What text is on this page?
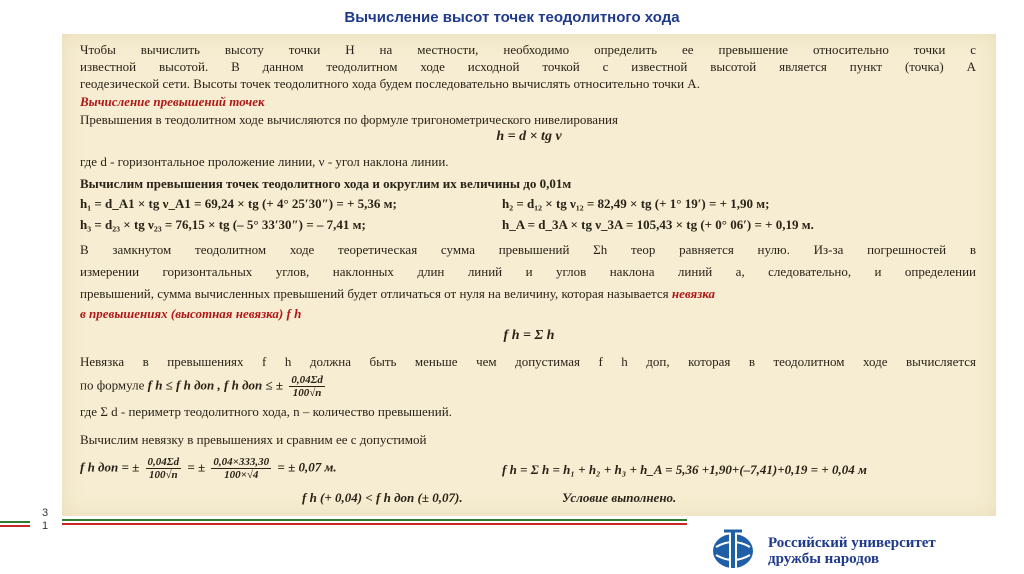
Вычисление высот точек теодолитного хода
Чтобы вычислить высоту точки H на местности, необходимо определить ее превышение относительно точки с
известной высотой. В данном теодолитном ходе исходной точкой с известной высотой является пункт (точка) A
геодезической сети. Высоты точек теодолитного хода будем последовательно вычислять относительно точки A.
Вычисление превышений точек
Превышения в теодолитном ходе вычисляются по формуле тригонометрического нивелирования
h = d × tg ν
где d - горизонтальное проложение линии, ν - угол наклона линии.
Вычислим превышения точек теодолитного хода и округлим их величины до 0,01м
h₁ = d_A1 × tg ν_A1 = 69,24 × tg (+ 4° 25′30″) = + 5,36 м;	h₂ = d₁₂ × tg ν₁₂ = 82,49 × tg (+ 1° 19′) = + 1,90 м;
h₃ = d₂₃ × tg ν₂₃ = 76,15 × tg (– 5° 33′30″) = – 7,41 м;	h_A = d_3A × tg ν_3A = 105,43 × tg (+ 0° 06′) = + 0,19 м.
В замкнутом теодолитном ходе теоретическая сумма превышений Σh теор равняется нулю. Из-за погрешностей в
измерении горизонтальных углов, наклонных длин линий и углов наклона линий а, следовательно, и определении
превышений, сумма вычисленных превышений будет отличаться от нуля на величину, которая называется невязка
в превышениях (высотная невязка) f h
f h = Σ h
Невязка в превышениях f h должна быть меньше чем допустимая f h доп, которая в теодолитном ходе вычисляется
по формуле f h ≤ f h доп , f h доп ≤ ± $\frac{0,04\Sigma d}{100√n}$
где Σ d - периметр теодолитного хода, n – количество превышений.
Вычислим невязку в превышениях и сравним ее с допустимой
f h доп = ± $\frac{0,04\Sigma d}{100√n}$ = ± $\frac{0,04\times 333,30}{100\times√4}$ = ± 0,07 м.	f h = Σ h = h₁ + h₂ + h₃ + h_A = 5,36 +1,90+(–7,41)+0,19 = + 0,04 м
f h (+ 0,04) < f h доп (± 0,07).	Условие выполнено.
3
1
Российский университет
дружбы народов
